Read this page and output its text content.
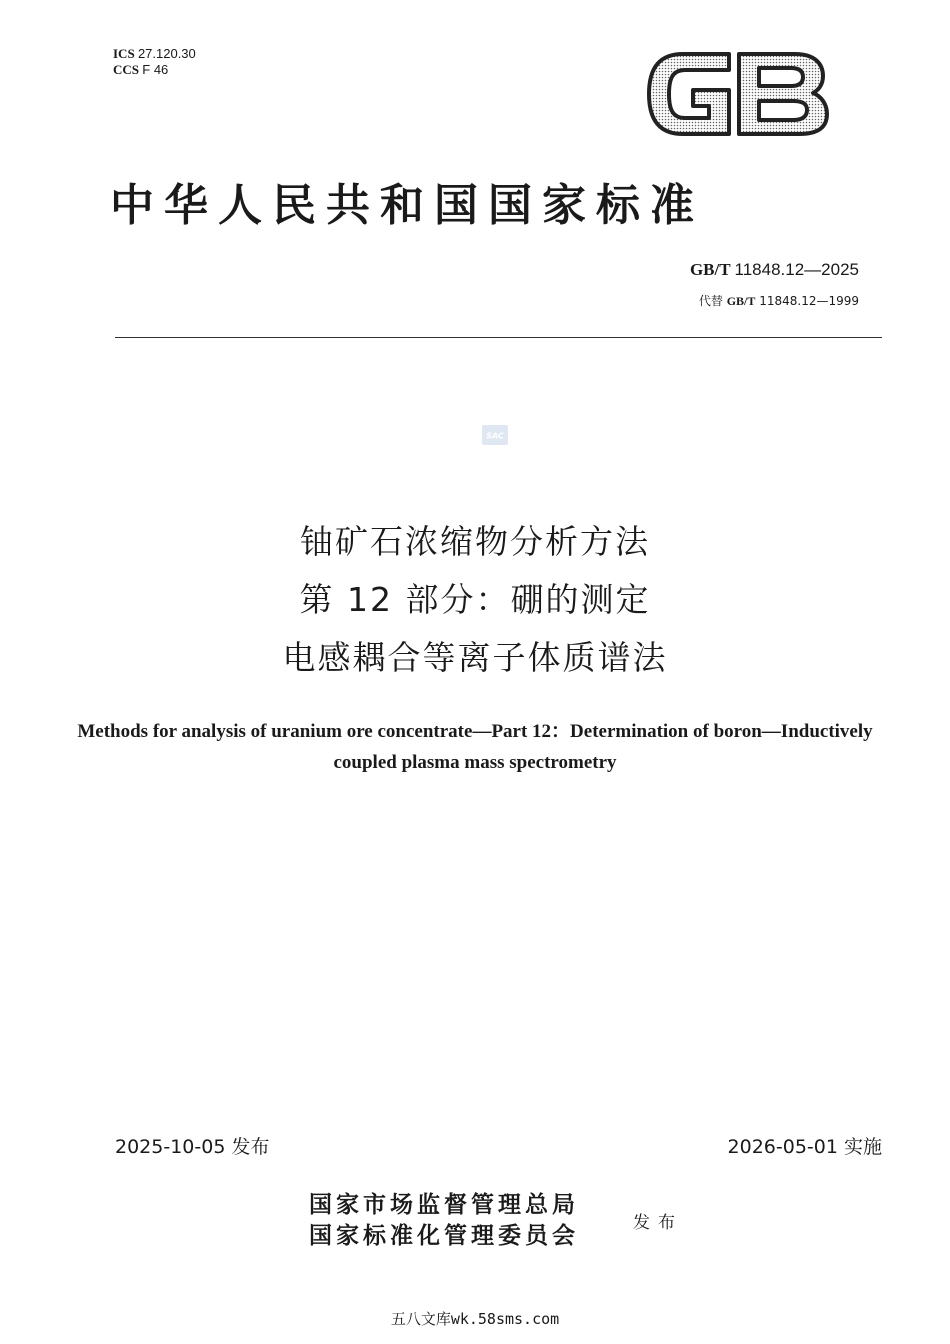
ICS 27.120.30
CCS F 46
中华人民共和国国家标准
GB/T 11848.12—2025
代替 GB/T 11848.12—1999
SAC
铀矿石浓缩物分析方法
第 12 部分：硼的测定
电感耦合等离子体质谱法
Methods for analysis of uranium ore concentrate—Part 12：Determination of boron—Inductively coupled plasma mass spectrometry
2025-10-05 发布	2026-05-01 实施
国家市场监督管理总局
国家标准化管理委员会	发布
五八文库wk.58sms.com
